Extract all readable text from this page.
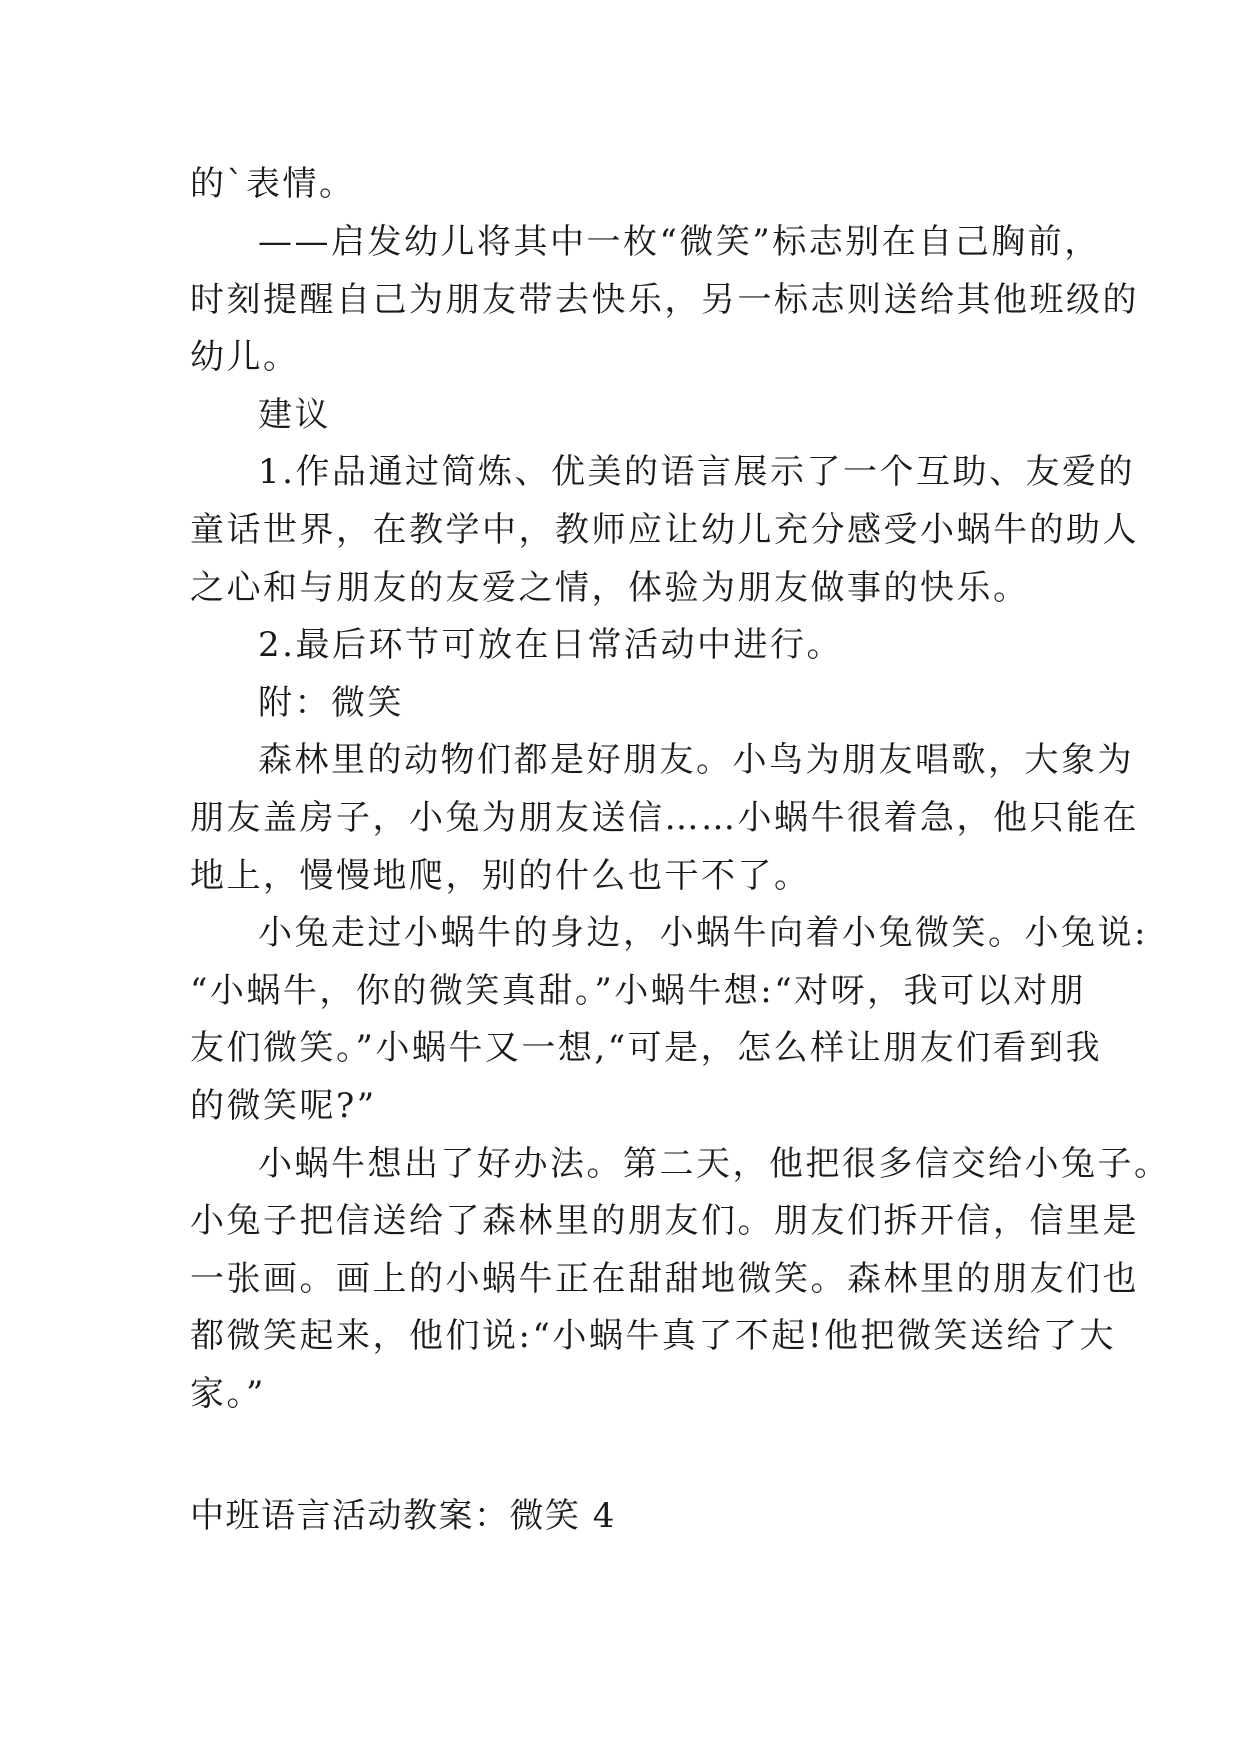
的`表情。
——启发幼儿将其中一枚“微笑”标志别在自己胸前，
时刻提醒自己为朋友带去快乐，另一标志则送给其他班级的
幼儿。
建议
1.作品通过简炼、优美的语言展示了一个互助、友爱的
童话世界，在教学中，教师应让幼儿充分感受小蜗牛的助人
之心和与朋友的友爱之情，体验为朋友做事的快乐。
2.最后环节可放在日常活动中进行。
附：微笑
森林里的动物们都是好朋友。小鸟为朋友唱歌，大象为
朋友盖房子，小兔为朋友送信……小蜗牛很着急，他只能在
地上，慢慢地爬，别的什么也干不了。
小兔走过小蜗牛的身边，小蜗牛向着小兔微笑。小兔说:
“小蜗牛，你的微笑真甜。”小蜗牛想:“对呀，我可以对朋
友们微笑。”小蜗牛又一想,“可是，怎么样让朋友们看到我
的微笑呢?”
小蜗牛想出了好办法。第二天，他把很多信交给小兔子。
小兔子把信送给了森林里的朋友们。朋友们拆开信，信里是
一张画。画上的小蜗牛正在甜甜地微笑。森林里的朋友们也
都微笑起来，他们说:“小蜗牛真了不起!他把微笑送给了大
家。”
中班语言活动教案：微笑 4
